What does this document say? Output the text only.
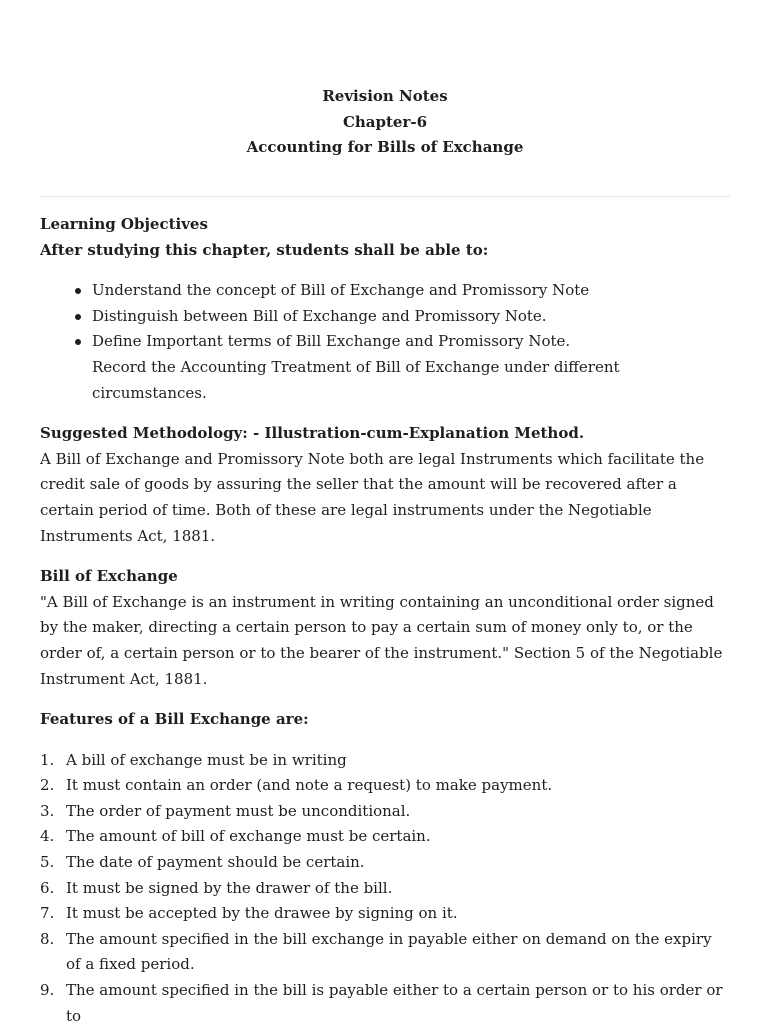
Revision Notes
Chapter-6
Accounting for Bills of Exchange

Learning Objectives

After studying this chapter, students shall be able to:

Understand the concept of Bill of Exchange and Promissory Note
Distinguish between Bill of Exchange and Promissory Note.
Define Important terms of Bill Exchange and Promissory Note.
Record the Accounting Treatment of Bill of Exchange under different circumstances.

Suggested Methodology: - Illustration-cum-Explanation Method.

A Bill of Exchange and Promissory Note both are legal Instruments which facilitate the credit sale of goods by assuring the seller that the amount will be recovered after a certain period of time. Both of these are legal instruments under the Negotiable Instruments Act, 1881.

Bill of Exchange

"A Bill of Exchange is an instrument in writing containing an unconditional order signed by the maker, directing a certain person to pay a certain sum of money only to, or the order of, a certain person or to the bearer of the instrument." Section 5 of the Negotiable Instrument Act, 1881.

Features of a Bill Exchange are:

1. A bill of exchange must be in writing
2. It must contain an order (and note a request) to make payment.
3. The order of payment must be unconditional.
4. The amount of bill of exchange must be certain.
5. The date of payment should be certain.
6. It must be signed by the drawer of the bill.
7. It must be accepted by the drawee by signing on it.
8. The amount specified in the bill exchange in payable either on demand on the expiry of a fixed period.
9. The amount specified in the bill is payable either to a certain person or to his order or to
